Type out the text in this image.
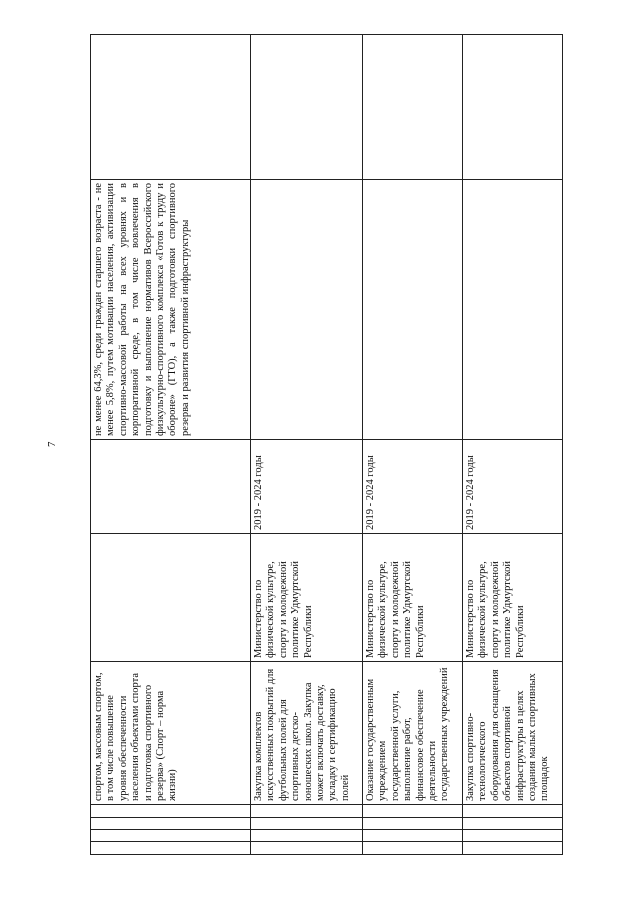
7
				спортом, массовым спортом, в том числе повышение уровня обеспеченности населения объектами спорта и подготовка спортивного резерва» (Спорт – норма жизни)			не менее 64,3%, среди граждан старшего возраста - не менее 5,8%, путем мотивации населения, активизации спортивно-массовой работы на всех уровнях и в корпоративной среде, в том числе вовлечения в подготовку и выполнение нормативов Всероссийского физкультурно-спортивного комплекса «Готов к труду и обороне» (ГТО), а также подготовки спортивного резерва и развития спортивной инфраструктуры	
				Закупка комплектов искусственных покрытий для футбольных полей для спортивных детско-юношеских школ. Закупка может включать доставку, укладку и сертификацию полей	Министерство по физической культуре, спорту и молодежной политике Удмуртской Республики	2019 - 2024 годы		
				Оказание государственным учреждением государственной услуги, выполнение работ, финансовое обеспечение деятельности государственных учреждений	Министерство по физической культуре, спорту и молодежной политике Удмуртской Республики	2019 - 2024 годы		
				Закупка спортивно-технологического оборудования для оснащения объектов спортивной инфраструктуры в целях создания малых спортивных площадок	Министерство по физической культуре, спорту и молодежной политике Удмуртской Республики	2019 - 2024 годы		
